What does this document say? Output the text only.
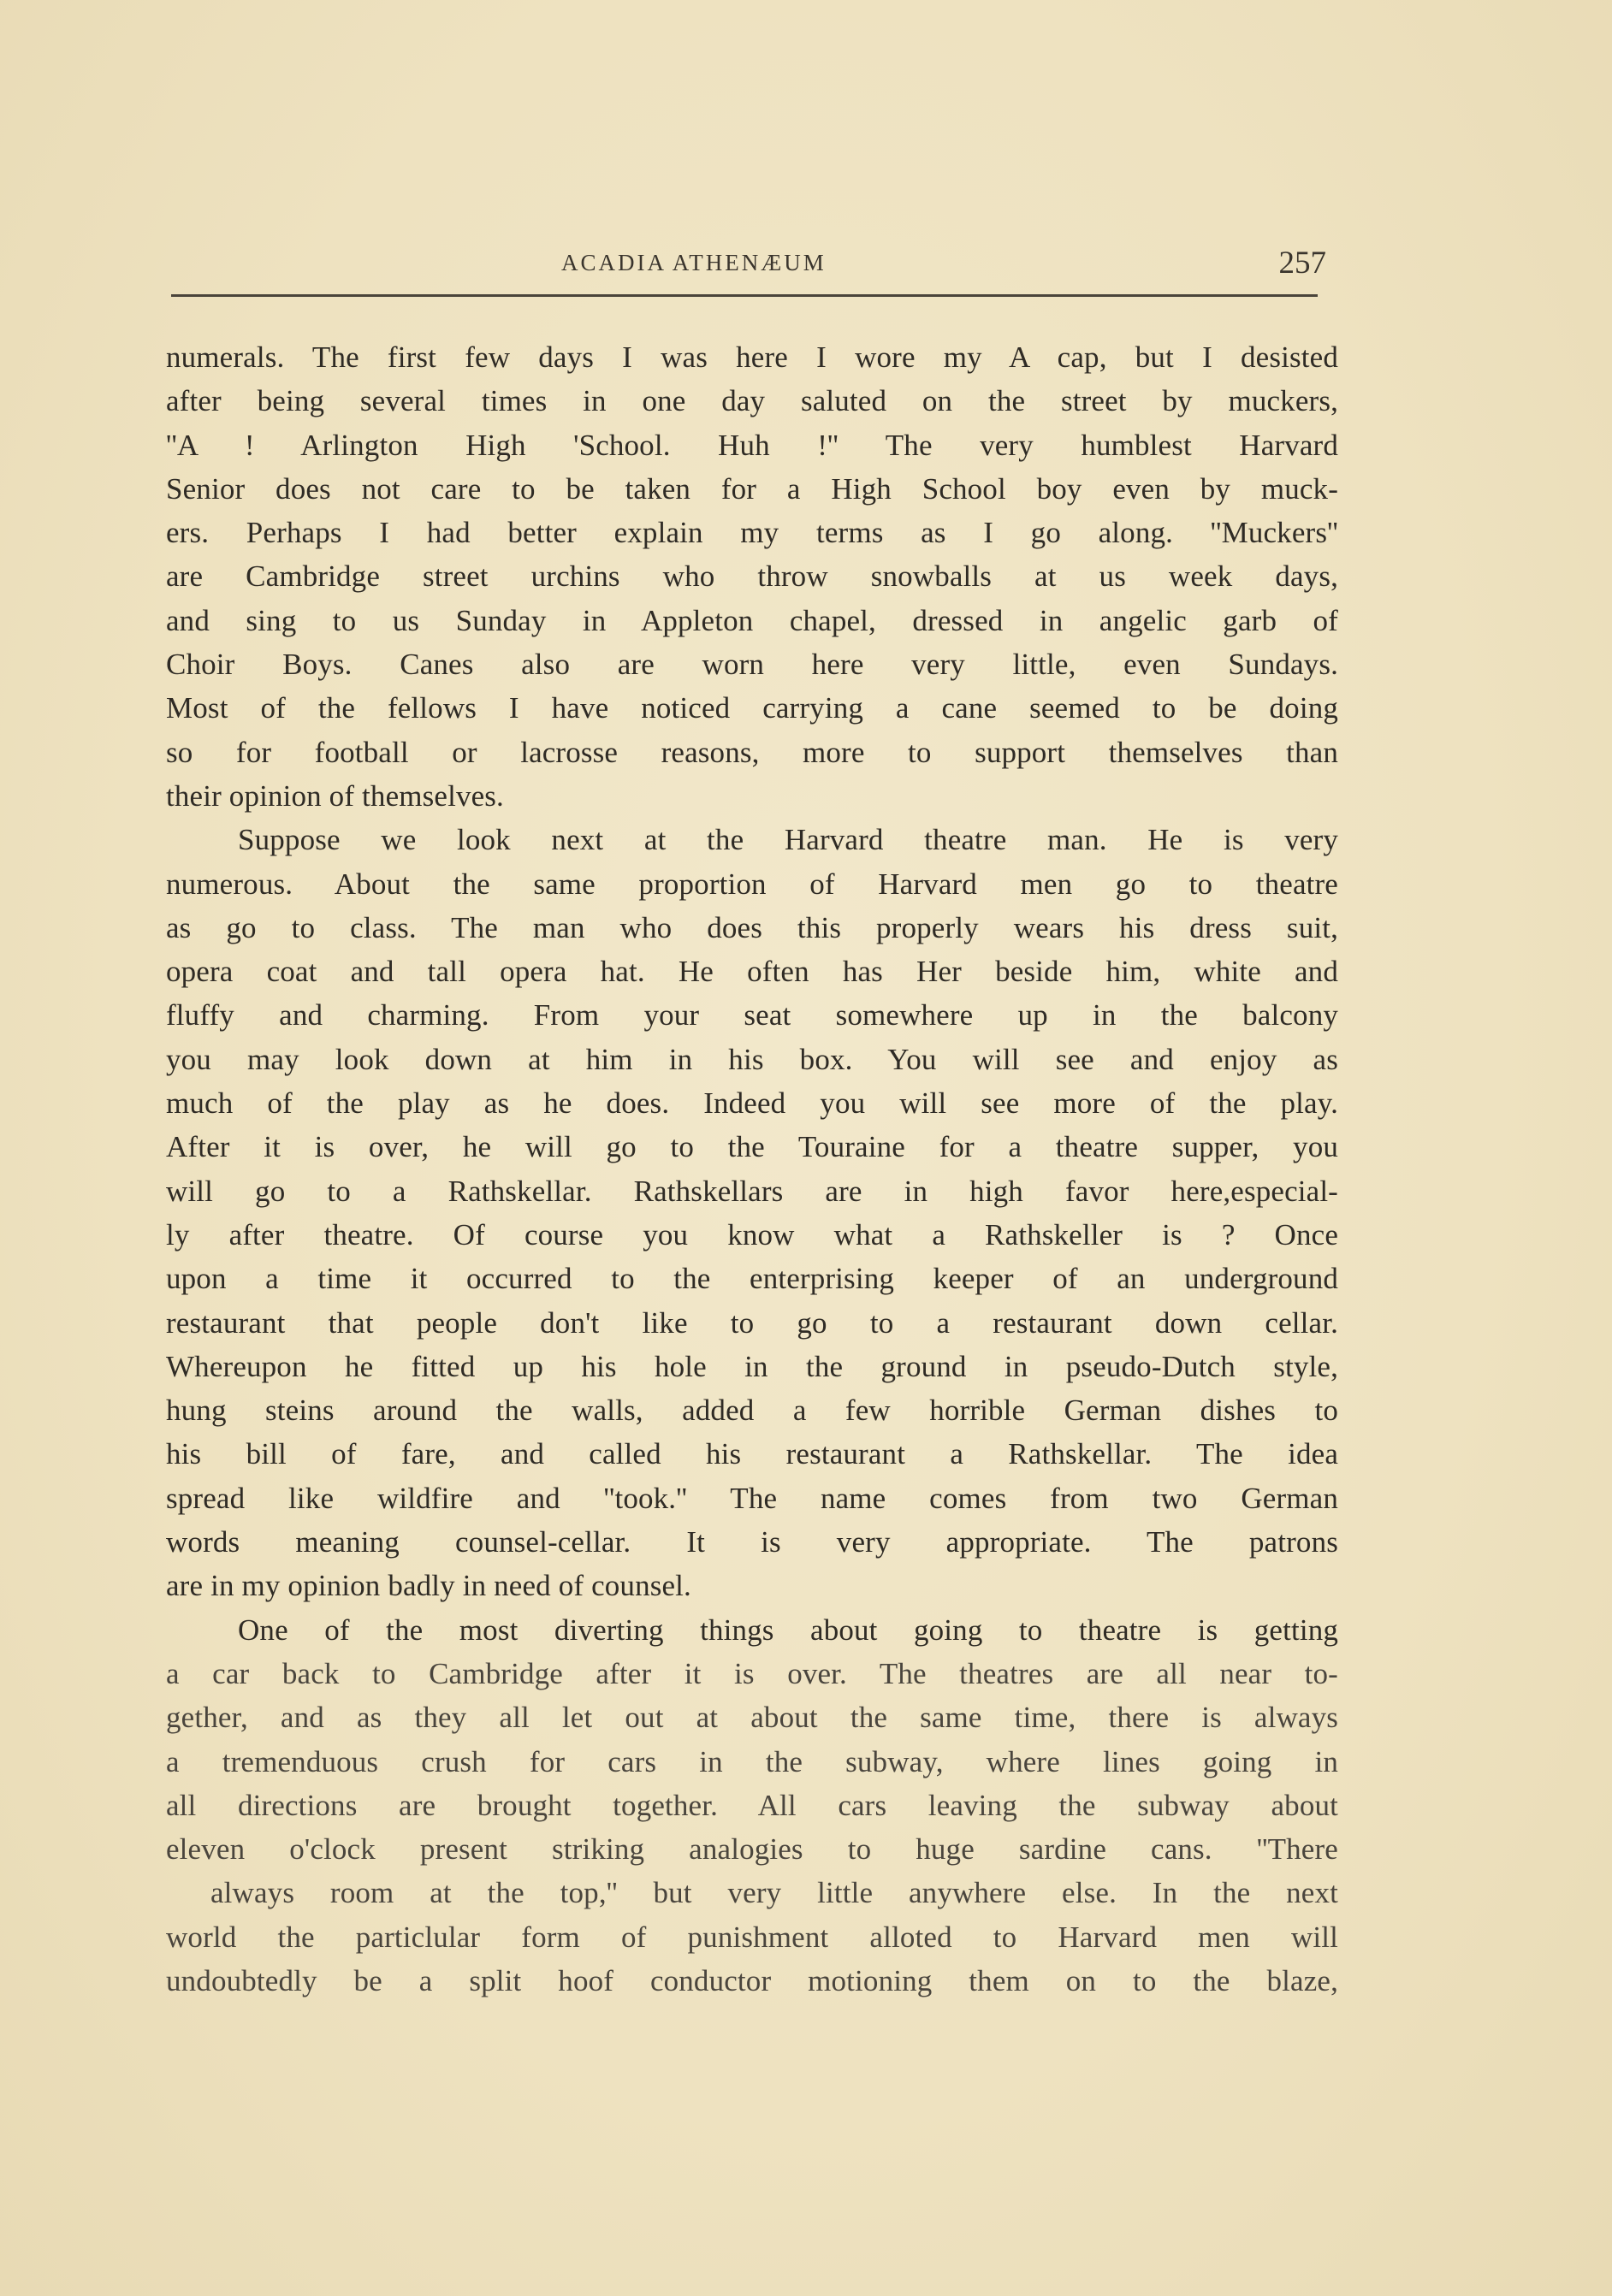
ACADIA ATHENÆUM	257
numerals. The first few days I was here I wore my A cap, but I desisted
after being several times in one day saluted on the street by muckers,
''A ! Arlington High 'School. Huh !'' The very humblest Harvard
Senior does not care to be taken for a High School boy even by muck-
ers. Perhaps I had better explain my terms as I go along. ''Muckers''
are Cambridge street urchins who throw snowballs at us week days,
and sing to us Sunday in Appleton chapel, dressed in angelic garb of
Choir Boys. Canes also are worn here very little, even Sundays.
Most of the fellows I have noticed carrying a cane seemed to be doing
so for football or lacrosse reasons, more to support themselves than
their opinion of themselves.
Suppose we look next at the Harvard theatre man. He is very
numerous. About the same proportion of Harvard men go to theatre
as go to class. The man who does this properly wears his dress suit,
opera coat and tall opera hat. He often has Her beside him, white and
fluffy and charming. From your seat somewhere up in the balcony
you may look down at him in his box. You will see and enjoy as
much of the play as he does. Indeed you will see more of the play.
After it is over, he will go to the Touraine for a theatre supper, you
will go to a Rathskellar. Rathskellars are in high favor here,especial-
ly after theatre. Of course you know what a Rathskeller is ? Once
upon a time it occurred to the enterprising keeper of an underground
restaurant that people don't like to go to a restaurant down cellar.
Whereupon he fitted up his hole in the ground in pseudo-Dutch style,
hung steins around the walls, added a few horrible German dishes to
his bill of fare, and called his restaurant a Rathskellar. The idea
spread like wildfire and ''took.'' The name comes from two German
words meaning counsel-cellar. It is very appropriate. The patrons
are in my opinion badly in need of counsel.
One of the most diverting things about going to theatre is getting
a car back to Cambridge after it is over. The theatres are all near to-
gether, and as they all let out at about the same time, there is always
a tremenduous crush for cars in the subway, where lines going in
all directions are brought together. All cars leaving the subway about
eleven o'clock present striking analogies to huge sardine cans. ''There
always room at the top,'' but very little anywhere else. In the next
world the particlular form of punishment alloted to Harvard men will
undoubtedly be a split hoof conductor motioning them on to the blaze,
